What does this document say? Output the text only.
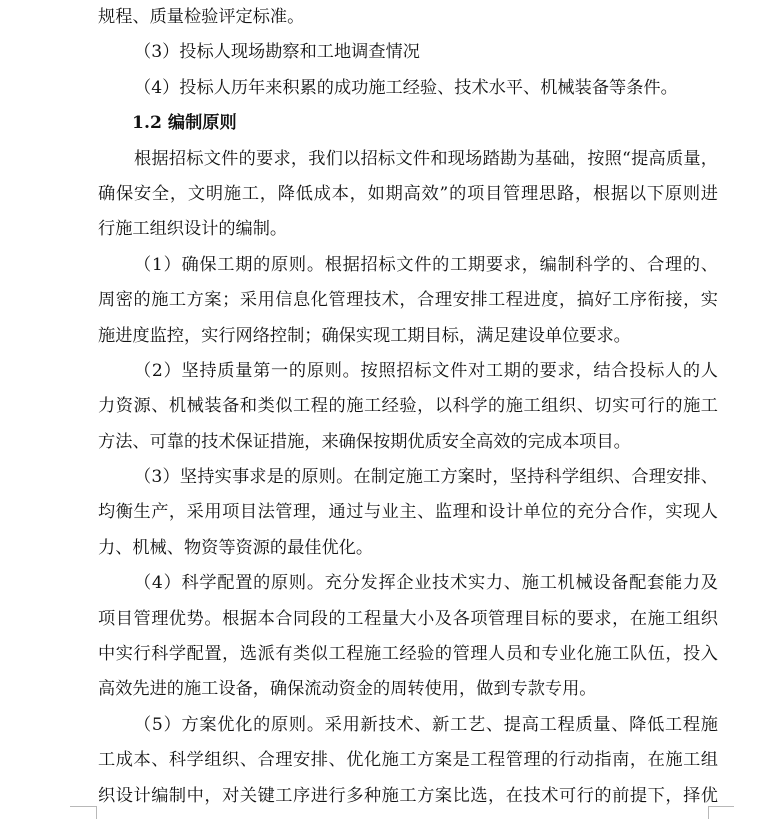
规程、质量检验评定标准。
（3）投标人现场勘察和工地调查情况
（4）投标人历年来积累的成功施工经验、技术水平、机械装备等条件。
1.2 编制原则
根据招标文件的要求，我们以招标文件和现场踏勘为基础，按照“提高质量，
确保安全，文明施工，降低成本，如期高效”的项目管理思路，根据以下原则进
行施工组织设计的编制。
（1）确保工期的原则。根据招标文件的工期要求，编制科学的、合理的、
周密的施工方案；采用信息化管理技术，合理安排工程进度，搞好工序衔接，实
施进度监控，实行网络控制；确保实现工期目标，满足建设单位要求。
（2）坚持质量第一的原则。按照招标文件对工期的要求，结合投标人的人
力资源、机械装备和类似工程的施工经验，以科学的施工组织、切实可行的施工
方法、可靠的技术保证措施，来确保按期优质安全高效的完成本项目。
（3）坚持实事求是的原则。在制定施工方案时，坚持科学组织、合理安排、
均衡生产，采用项目法管理，通过与业主、监理和设计单位的充分合作，实现人
力、机械、物资等资源的最佳优化。
（4）科学配置的原则。充分发挥企业技术实力、施工机械设备配套能力及
项目管理优势。根据本合同段的工程量大小及各项管理目标的要求，在施工组织
中实行科学配置，选派有类似工程施工经验的管理人员和专业化施工队伍，投入
高效先进的施工设备，确保流动资金的周转使用，做到专款专用。
（5）方案优化的原则。采用新技术、新工艺、提高工程质量、降低工程施
工成本、科学组织、合理安排、优化施工方案是工程管理的行动指南，在施工组
织设计编制中，对关键工序进行多种施工方案比选，在技术可行的前提下，择优
